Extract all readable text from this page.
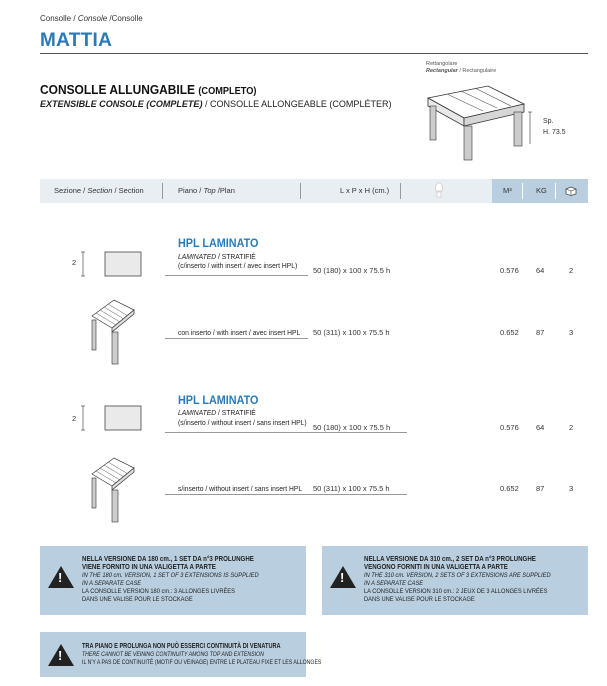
Consolle / Console /Consolle
MATTIA
CONSOLLE ALLUNGABILE (COMPLETO)
EXTENSIBLE CONSOLE (COMPLETE) / CONSOLLE ALLONGEABLE (COMPLÉTER)
Rettangolare
Rectangular / Rectangulaire
Sp.
H. 73.5
Sezione / Section / Section	Piano / Top /Plan	L x P x H (cm.)	M³	KG
2
HPL LAMINATO
LAMINATED / STRATIFIÉ
(c/inserto / with insert / avec insert HPL)
50 (180) x 100 x 75.5 h	0.576 64	2
con inserto / with insert / avec insert HPL 50 (311) x 100 x 75.5 h	0.652 87	3
2
HPL LAMINATO
LAMINATED / STRATIFIÉ
(s/inserto / without insert / sans insert HPL)
50 (180) x 100 x 75.5 h	0.576 64	2
s/inserto / without insert / sans insert HPL 50 (311) x 100 x 75.5 h	0.652 87	3
!
NELLA VERSIONE DA 180 cm., 1 SET DA n°3 PROLUNGHE
VIENE FORNITO IN UNA VALIGETTA A PARTE
IN THE 180 cm. VERSION, 1 SET OF 3 EXTENSIONS IS SUPPLIED
IN A SEPARATE CASE
LA CONSOLLE VERSION 180 cm.: 3 ALLONGES LIVRÉES
DANS UNE VALISE POUR LE STOCKAGE
!
NELLA VERSIONE DA 310 cm., 2 SET DA n°3 PROLUNGHE
VENGONO FORNITI IN UNA VALIGETTA A PARTE
IN THE 310 cm. VERSION, 2 SETS OF 3 EXTENSIONS ARE SUPPLIED
IN A SEPARATE CASE
LA CONSOLLE VERSION 310 cm.: 2 JEUX DE 3 ALLONGES LIVRÉES
DANS UNE VALISE POUR LE STOCKAGE
!
TRA PIANO E PROLUNGA NON PUÒ ESSERCI CONTINUITÀ DI VENATURA
THERE CANNOT BE VEINING CONTINUITY AMONG TOP AND EXTENSION
IL N'Y A PAS DE CONTINUITÉ (MOTIF OU VEINAGE) ENTRE LE PLATEAU FIXE ET LES ALLONGES
